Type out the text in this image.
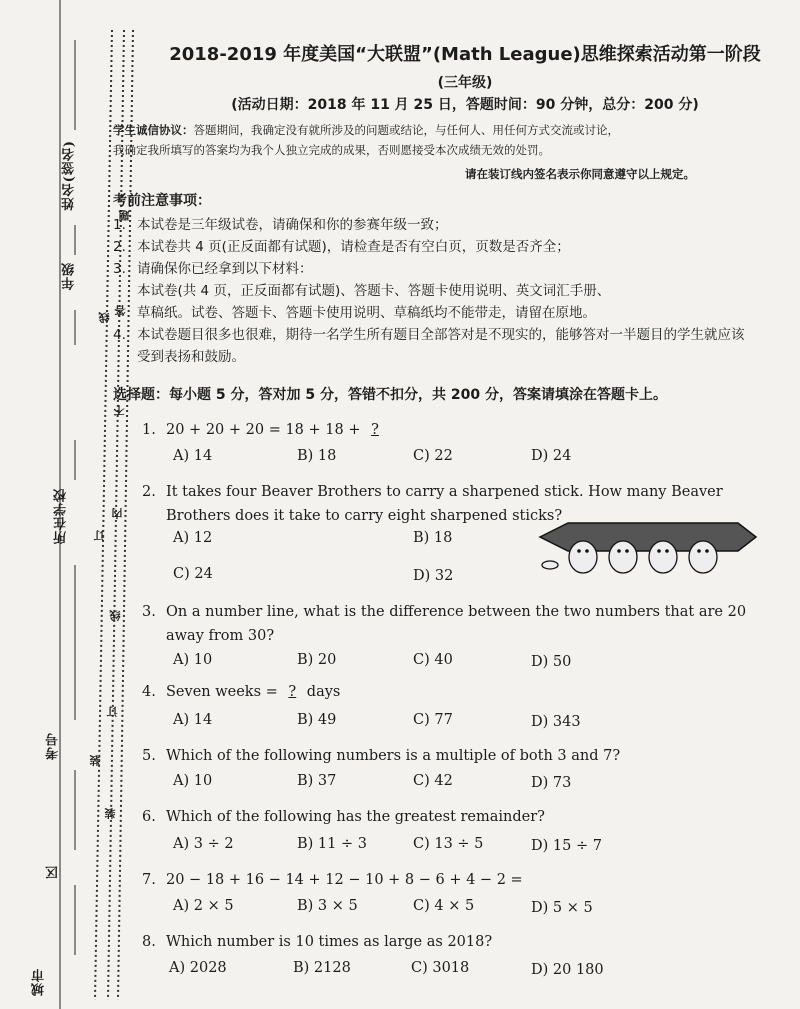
姓名(签名)
年级
所在学校
考号
区
城市
题
答
线
不
内
订
线
订
装
装
2018-2019 年度美国“大联盟”(Math League)思维探索活动第一阶段
(三年级)
(活动日期：2018 年 11 月 25 日，答题时间：90 分钟，总分：200 分)
学生诚信协议：答题期间，我确定没有就所涉及的问题或结论，与任何人、用任何方式交流或讨论，
我确定我所填写的答案均为我个人独立完成的成果，否则愿接受本次成绩无效的处罚。
请在装订线内签名表示你同意遵守以上规定。
考前注意事项：
1. 本试卷是三年级试卷，请确保和你的参赛年级一致；
2. 本试卷共 4 页(正反面都有试题)，请检查是否有空白页，页数是否齐全；
3. 请确保你已经拿到以下材料：
本试卷(共 4 页，正反面都有试题)、答题卡、答题卡使用说明、英文词汇手册、
草稿纸。试卷、答题卡、答题卡使用说明、草稿纸均不能带走，请留在原地。
4. 本试卷题目很多也很难，期待一名学生所有题目全部答对是不现实的，能够答对一半题目的学生就应该受到表扬和鼓励。
选择题：每小题 5 分，答对加 5 分，答错不扣分，共 200 分，答案请填涂在答题卡上。
1. 20 + 20 + 20 = 18 + 18 + ?
A) 14	B) 18	C) 22	D) 24
2. It takes four Beaver Brothers to carry a sharpened stick. How many Beaver Brothers does it take to carry eight sharpened sticks?
A) 12	B) 18
C) 24	D) 32
3. On a number line, what is the difference between the two numbers that are 20 away from 30?
A) 10	B) 20	C) 40	D) 50
4. Seven weeks = ? days
A) 14	B) 49	C) 77	D) 343
5. Which of the following numbers is a multiple of both 3 and 7?
A) 10	B) 37	C) 42	D) 73
6. Which of the following has the greatest remainder?
A) 3 ÷ 2	B) 11 ÷ 3	C) 13 ÷ 5	D) 15 ÷ 7
7. 20 − 18 + 16 − 14 + 12 − 10 + 8 − 6 + 4 − 2 =
A) 2 × 5	B) 3 × 5	C) 4 × 5	D) 5 × 5
8. Which number is 10 times as large as 2018?
A) 2028	B) 2128	C) 3018	D) 20 180
